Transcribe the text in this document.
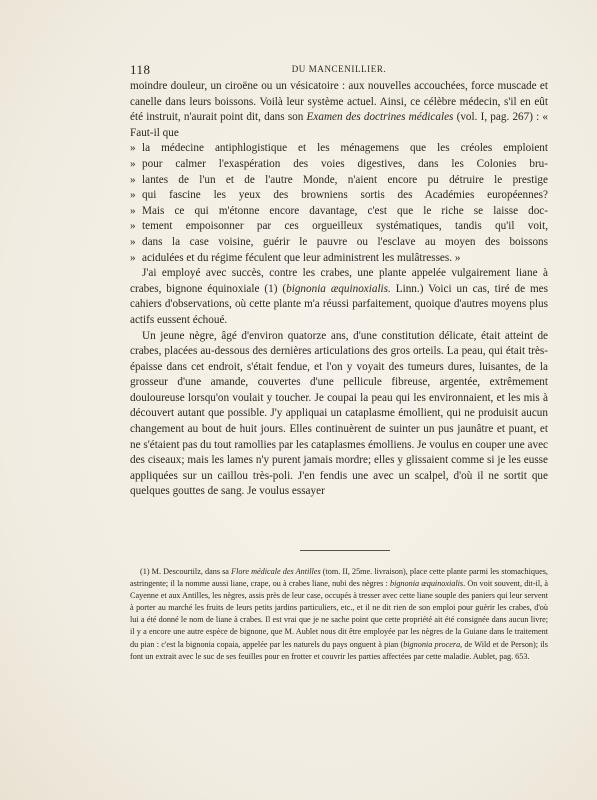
118	DU MANCENILLIER.

moindre douleur, un ciroëne ou un vésicatoire : aux nouvelles accouchées, force muscade et canelle dans leurs boissons. Voilà leur système actuel. Ainsi, ce célèbre médecin, s'il en eût été instruit, n'aurait point dit, dans son Examen des doctrines médicales (vol. I, pag. 267) : « Faut-il que

» la médecine antiphlogistique et les ménagemens que les créoles emploient
» pour calmer l'exaspération des voies digestives, dans les Colonies bru-
» lantes de l'un et de l'autre Monde, n'aient encore pu détruire le prestige
» qui fascine les yeux des browniens sortis des Académies européennes?
» Mais ce qui m'étonne encore davantage, c'est que le riche se laisse doc-
» tement empoisonner par ces orgueilleux systématiques, tandis qu'il voit,
» dans la case voisine, guérir le pauvre ou l'esclave au moyen des boissons
» acidulées et du régime féculent que leur administrent les mulâtresses. »

J'ai employé avec succès, contre les crabes, une plante appelée vulgairement liane à crabes, bignone équinoxiale (1) (bignonia æquinoxialis. Linn.) Voici un cas, tiré de mes cahiers d'observations, où cette plante m'a réussi parfaitement, quoique d'autres moyens plus actifs eussent échoué.

Un jeune nègre, âgé d'environ quatorze ans, d'une constitution délicate, était atteint de crabes, placées au-dessous des dernières articulations des gros orteils. La peau, qui était très-épaisse dans cet endroit, s'était fendue, et l'on y voyait des tumeurs dures, luisantes, de la grosseur d'une amande, couvertes d'une pellicule fibreuse, argentée, extrêmement douloureuse lorsqu'on voulait y toucher. Je coupai la peau qui les environnaient, et les mis à découvert autant que possible. J'y appliquai un cataplasme émollient, qui ne produisit aucun changement au bout de huit jours. Elles continuèrent de suinter un pus jaunâtre et puant, et ne s'étaient pas du tout ramollies par les cataplasmes émolliens. Je voulus en couper une avec des ciseaux; mais les lames n'y purent jamais mordre; elles y glissaient comme si je les eusse appliquées sur un caillou très-poli. J'en fendis une avec un scalpel, d'où il ne sortit que quelques gouttes de sang. Je voulus essayer

(1) M. Descourtilz, dans sa Flore médicale des Antilles (tom. II, 25me. livraison), place cette plante parmi les stomachiques, astringente; il la nomme aussi liane, crape, ou à crabes liane, nubi des nègres : bignonia æquinoxialis. On voit souvent, dit-il, à Cayenne et aux Antilles, les nègres, assis près de leur case, occupés à tresser avec cette liane souple des paniers qui leur servent à porter au marché les fruits de leurs petits jardins particuliers, etc., et il ne dit rien de son emploi pour guérir les crabes, d'où lui a été donné le nom de liane à crabes. Il est vrai que je ne sache point que cette propriété ait été consignée dans aucun livre; il y a encore une autre espèce de bignone, que M. Aublet nous dit être employée par les nègres de la Guiane dans le traitement du pian : c'est la bignonia copaia, appelée par les naturels du pays onguent à pian (bignonia procera, de Wild et de Person); ils font un extrait avec le suc de ses feuilles pour en frotter et couvrir les parties affectées par cette maladie. Aublet, pag. 653.
